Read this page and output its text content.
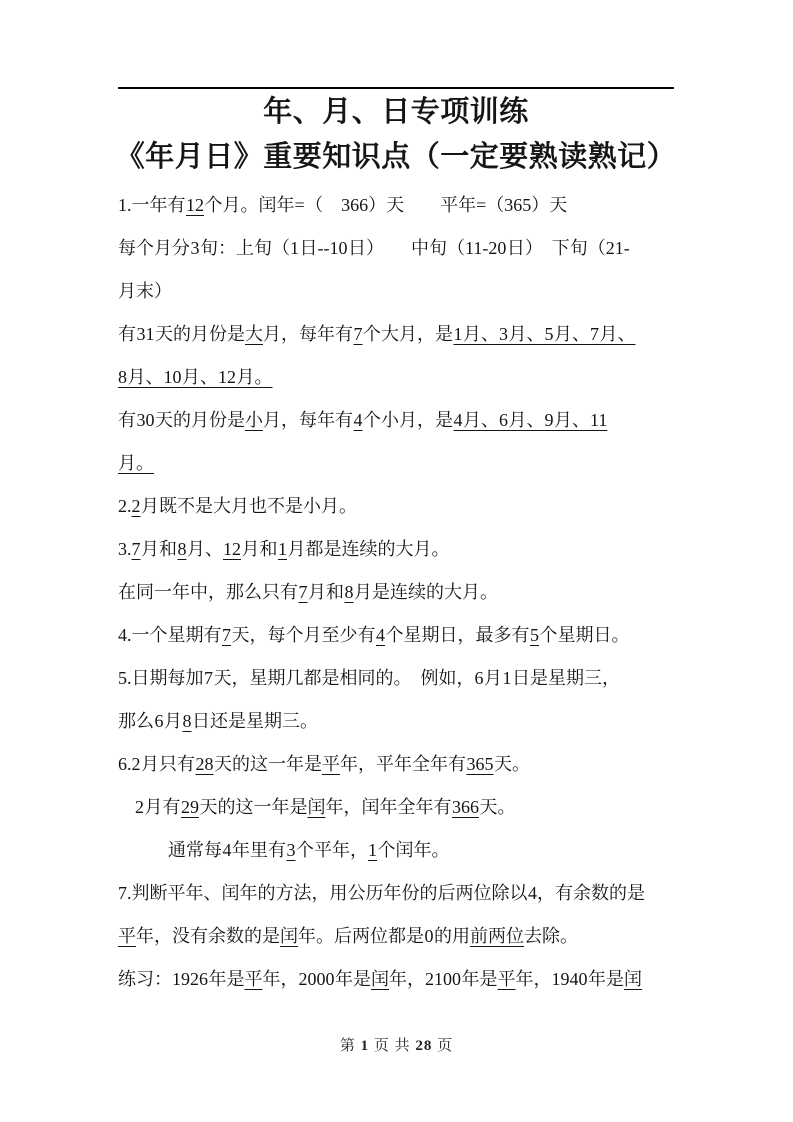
年、月、日专项训练
《年月日》重要知识点（一定要熟读熟记）
1.一年有 12 个月。闰年= （　366）天　　平年=（365）天
每个月分 3 旬：上旬（1 日--10 日）　　中旬（11-20 日）　下旬（21-
月末）
有 31 天的月份是大月，每年有 7 个大月，是 1 月、3 月、5 月、7 月、
8 月、10 月、12 月。
有 30 天的月份是小月，每年有 4 个小月，是 4 月、6 月、9 月、11
月。
2.2 月既不是大月也不是小月。
3.7 月和 8 月、12 月和 1 月都是连续的大月。
在同一年中，那么只有 7 月和 8 月是连续的大月。
4.一个星期有 7 天，每个月至少有 4 个星期日，最多有 5 个星期日。
5.日期每加 7 天，星期几都是相同的。　例如，6 月 1 日是星期三，
那么 6 月 8 日还是星期三。
6.2 月只有 28 天的这一年是平年，平年全年有 365 天。
2 月有 29 天的这一年是闰年，闰年全年有 366 天。
通常每 4 年里有 3 个平年，1 个闰年。
7.判断平年、闰年的方法，用公历年份的后两位除以 4，有余数的是
平年，没有余数的是闰年。后两位都是 0 的用前两位去除。
练习：1926 年是平年，2000 年是闰年，2100 年是平年，1940 年是闰
第 1 页 共 28 页
